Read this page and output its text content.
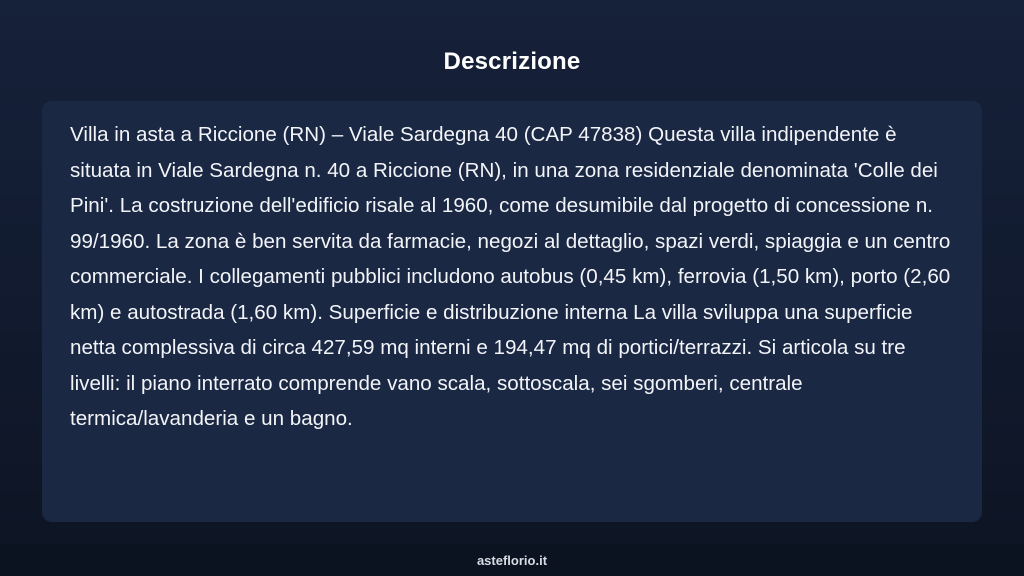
Descrizione

Villa in asta a Riccione (RN) – Viale Sardegna 40 (CAP 47838) Questa villa indipendente è situata in Viale Sardegna n. 40 a Riccione (RN), in una zona residenziale denominata 'Colle dei Pini'. La costruzione dell'edificio risale al 1960, come desumibile dal progetto di concessione n. 99/1960. La zona è ben servita da farmacie, negozi al dettaglio, spazi verdi, spiaggia e un centro commerciale. I collegamenti pubblici includono autobus (0,45 km), ferrovia (1,50 km), porto (2,60 km) e autostrada (1,60 km). Superficie e distribuzione interna La villa sviluppa una superficie netta complessiva di circa 427,59 mq interni e 194,47 mq di portici/terrazzi. Si articola su tre livelli: il piano interrato comprende vano scala, sottoscala, sei sgomberi, centrale termica/lavanderia e un bagno.

asteflorio.it
